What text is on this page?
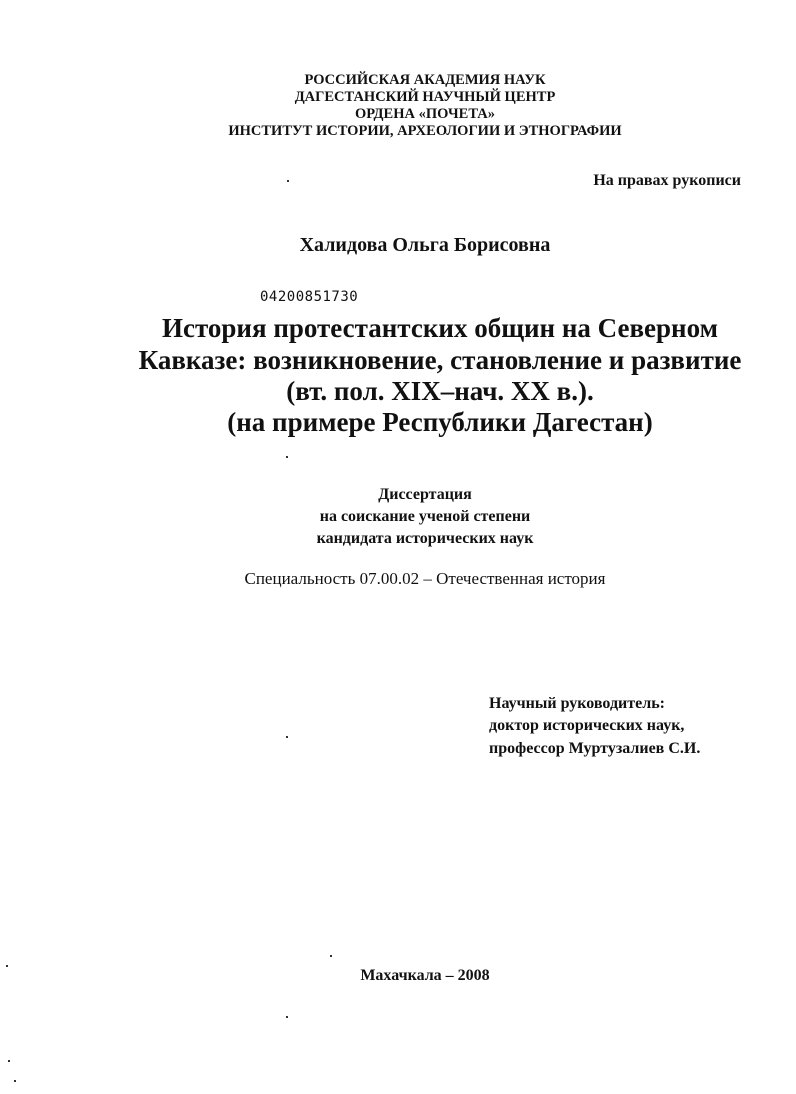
РОССИЙСКАЯ АКАДЕМИЯ НАУК
ДАГЕСТАНСКИЙ НАУЧНЫЙ ЦЕНТР
ОРДЕНА «ПОЧЕТА»
ИНСТИТУТ ИСТОРИИ, АРХЕОЛОГИИ И ЭТНОГРАФИИ
На правах рукописи
Халидова Ольга Борисовна
04200851730
История протестантских общин на Северном
Кавказе: возникновение, становление и развитие
(вт. пол. XIX–нач. XX в.).
(на примере Республики Дагестан)
Диссертация
на соискание ученой степени
кандидата исторических наук
Специальность 07.00.02 – Отечественная история
Научный руководитель:
доктор исторических наук,
профессор Муртузалиев С.И.
Махачкала – 2008
